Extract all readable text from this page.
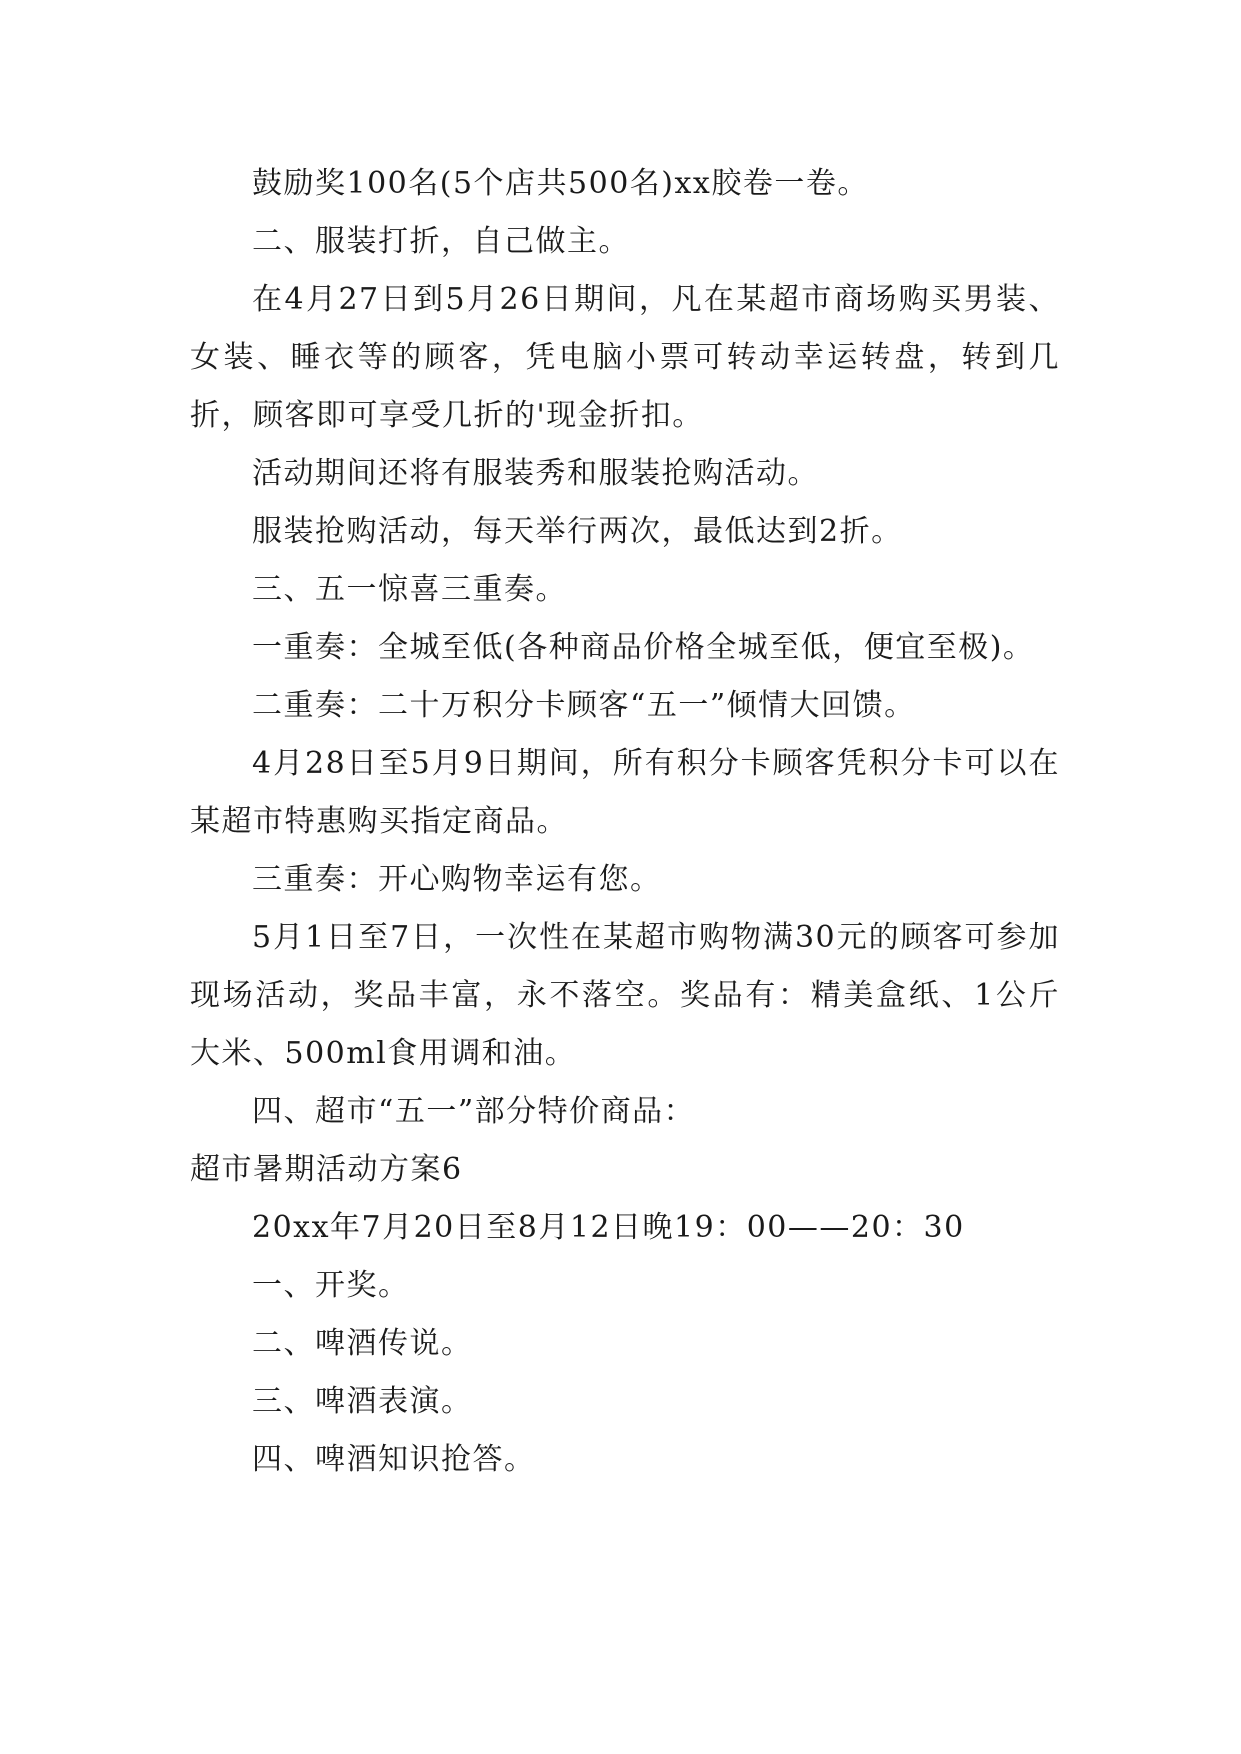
鼓励奖100名(5个店共500名)xx胶卷一卷。

二、服装打折，自己做主。

在4月27日到5月26日期间，凡在某超市商场购买男装、女装、睡衣等的顾客，凭电脑小票可转动幸运转盘，转到几折，顾客即可享受几折的'现金折扣。

活动期间还将有服装秀和服装抢购活动。

服装抢购活动，每天举行两次，最低达到2折。

三、五一惊喜三重奏。

一重奏：全城至低(各种商品价格全城至低，便宜至极)。

二重奏：二十万积分卡顾客“五一”倾情大回馈。

4月28日至5月9日期间，所有积分卡顾客凭积分卡可以在某超市特惠购买指定商品。

三重奏：开心购物幸运有您。

5月1日至7日，一次性在某超市购物满30元的顾客可参加现场活动，奖品丰富，永不落空。奖品有：精美盒纸、1公斤大米、500ml食用调和油。

四、超市“五一”部分特价商品：

超市暑期活动方案6

20xx年7月20日至8月12日晚19：00——20：30

一、开奖。

二、啤酒传说。

三、啤酒表演。

四、啤酒知识抢答。
